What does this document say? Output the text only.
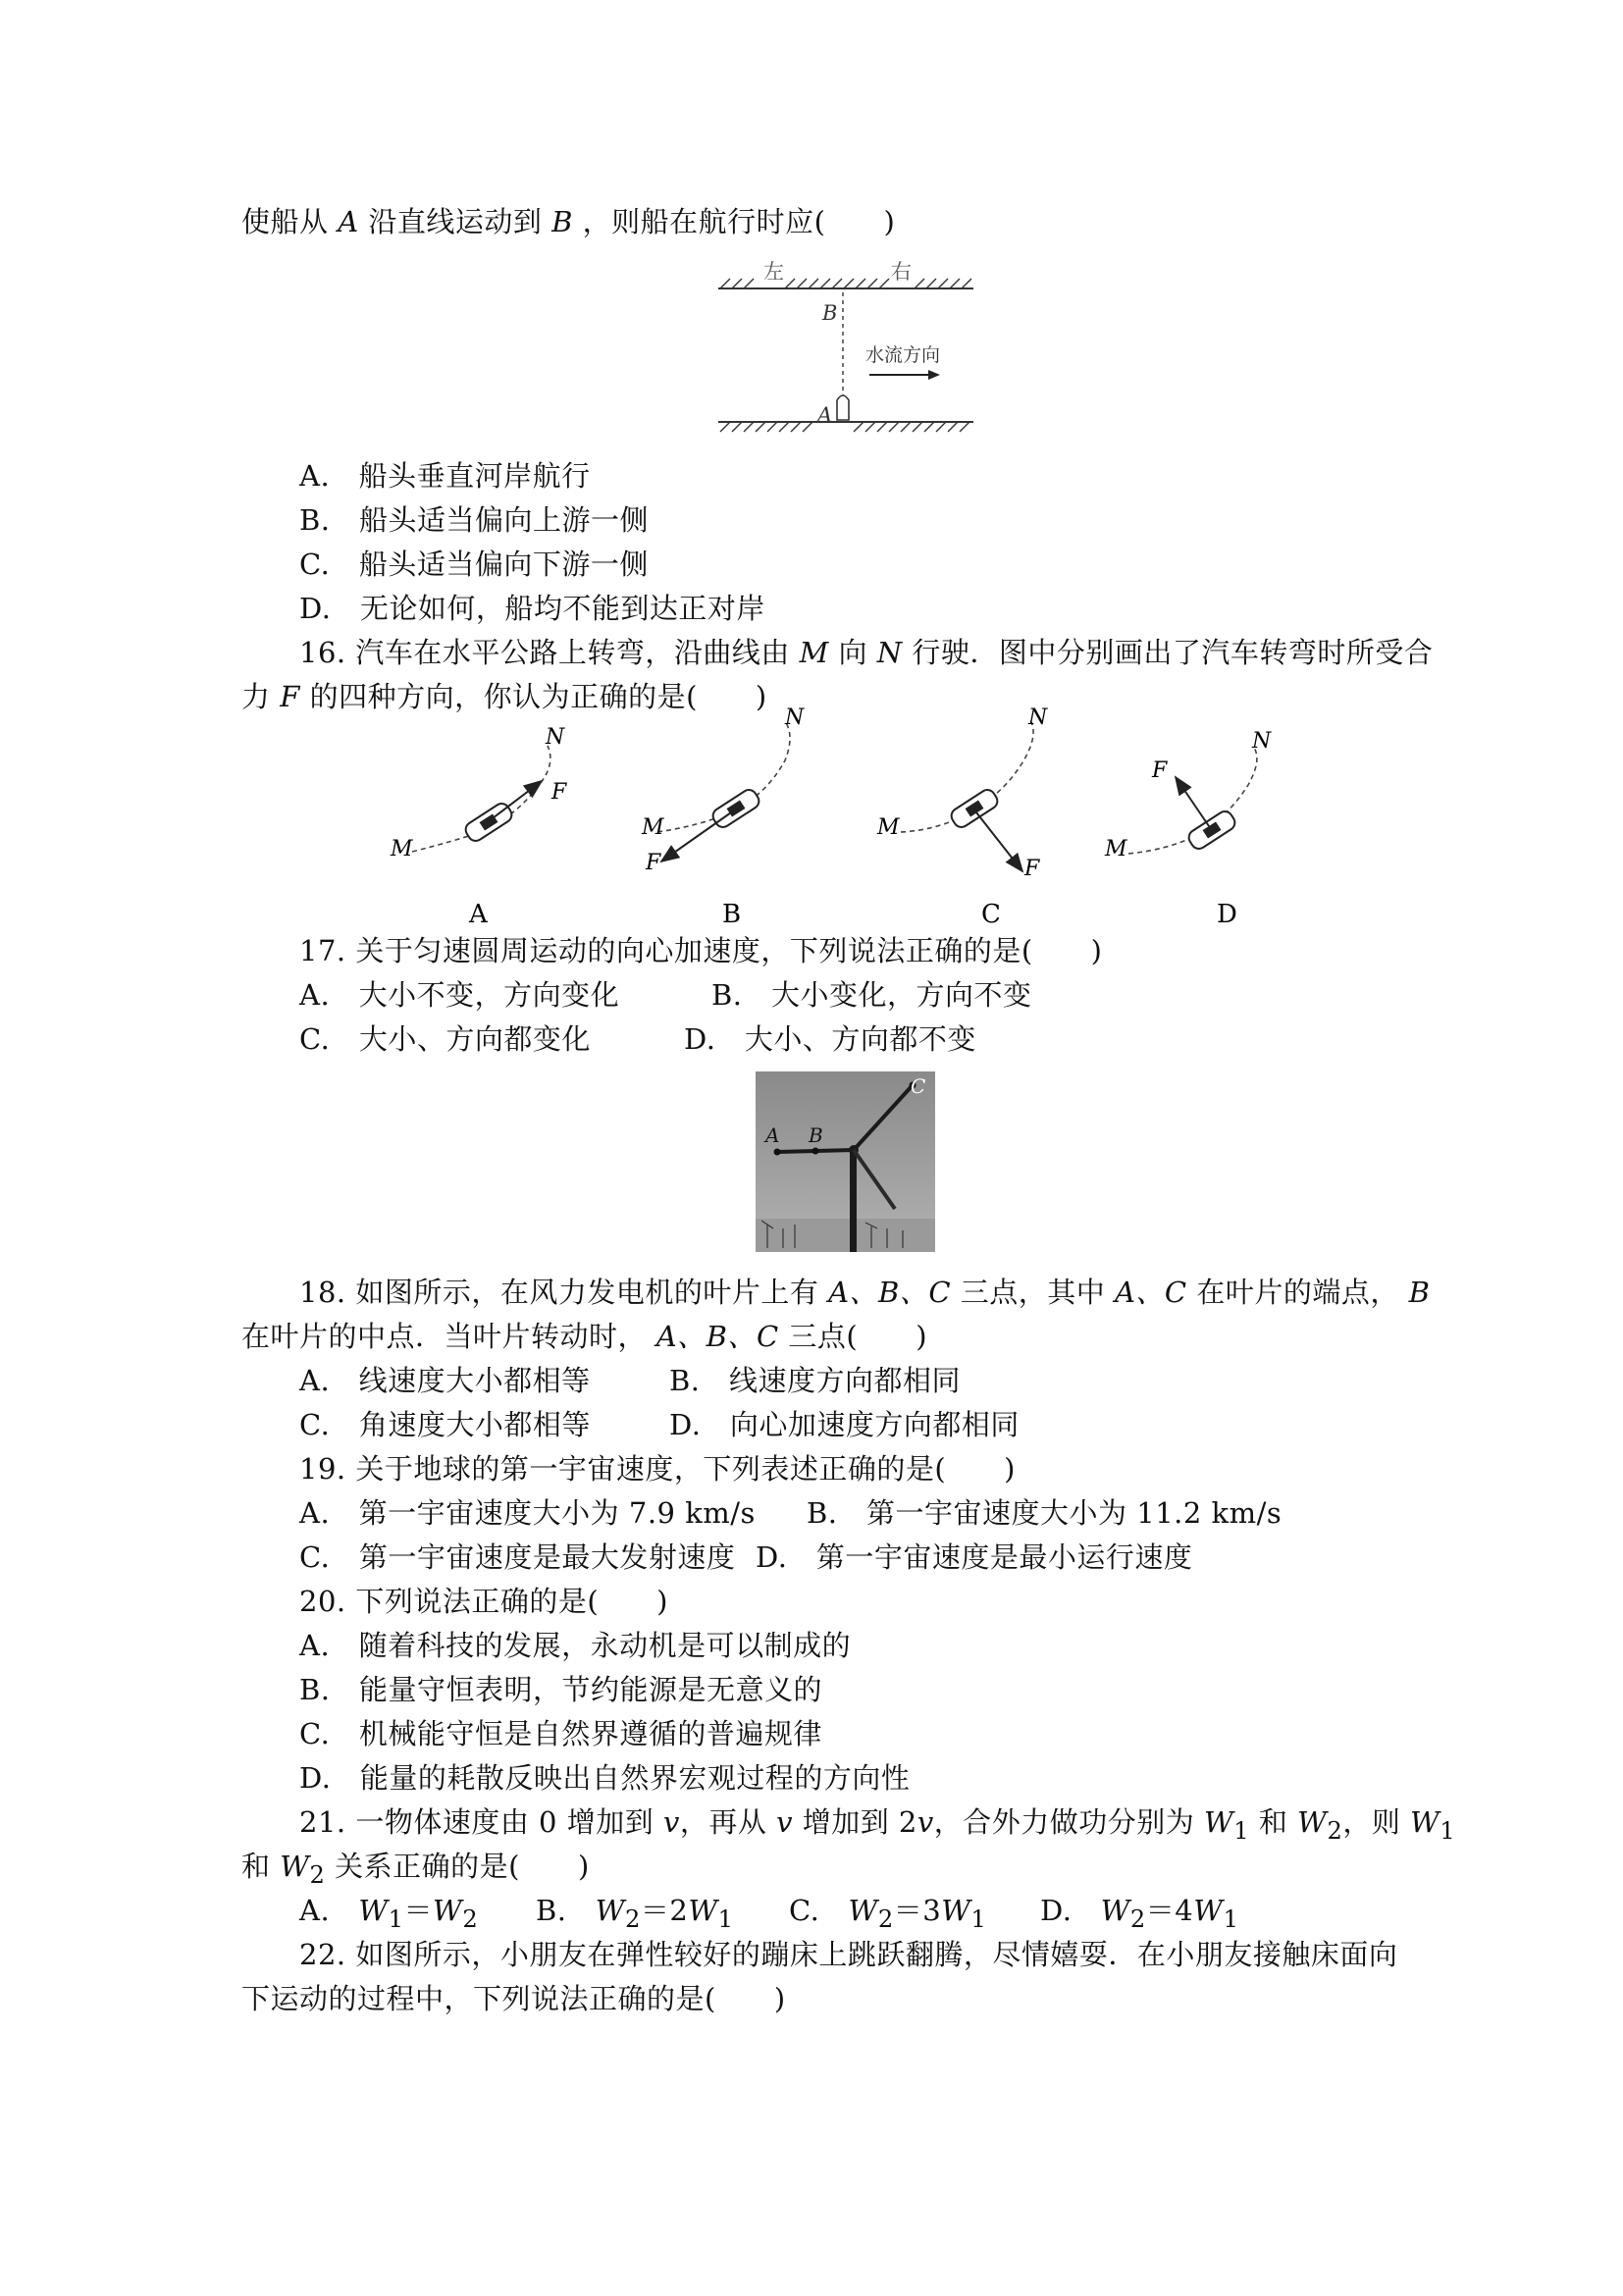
使船从 A 沿直线运动到 B ，则船在航行时应(　　)
左	右
B
水流方向
A
A.　船头垂直河岸航行
B.　船头适当偏向上游一侧
C.　船头适当偏向下游一侧
D.　无论如何，船均不能到达正对岸
16. 汽车在水平公路上转弯，沿曲线由 M 向 N 行驶．图中分别画出了汽车转弯时所受合
力 F 的四种方向，你认为正确的是(　　)
M
N
F
M
N
F
M
N
F
M
N
F
A	B	C	D
17. 关于匀速圆周运动的向心加速度，下列说法正确的是(　　)
A.　大小不变，方向变化	B.　大小变化，方向不变
C.　大小、方向都变化	D.　大小、方向都不变
A B
C
18. 如图所示，在风力发电机的叶片上有 A、B、C 三点，其中 A、C 在叶片的端点， B
在叶片的中点．当叶片转动时， A、B、C 三点(　　)
A.　线速度大小都相等	B.　线速度方向都相同
C.　角速度大小都相等	D.　向心加速度方向都相同
19. 关于地球的第一宇宙速度，下列表述正确的是(　　)
A.　第一宇宙速度大小为 7.9 km/s B.　第一宇宙速度大小为 11.2 km/s
C.　第一宇宙速度是最大发射速度 D.　第一宇宙速度是最小运行速度
20. 下列说法正确的是(　　)
A.　随着科技的发展，永动机是可以制成的
B.　能量守恒表明，节约能源是无意义的
C.　机械能守恒是自然界遵循的普遍规律
D.　能量的耗散反映出自然界宏观过程的方向性
21. 一物体速度由 0 增加到 v，再从 v 增加到 2v，合外力做功分别为 $W_1$ 和 $W_2$，则 $W_1$
和 $W_2$ 关系正确的是(　　)
A. $W_1=W_2$ B. $W_2=2W_1$ C. $W_2=3W_1$ D. $W_2=4W_1$
22. 如图所示，小朋友在弹性较好的蹦床上跳跃翻腾，尽情嬉耍．在小朋友接触床面向
下运动的过程中，下列说法正确的是(　　)
